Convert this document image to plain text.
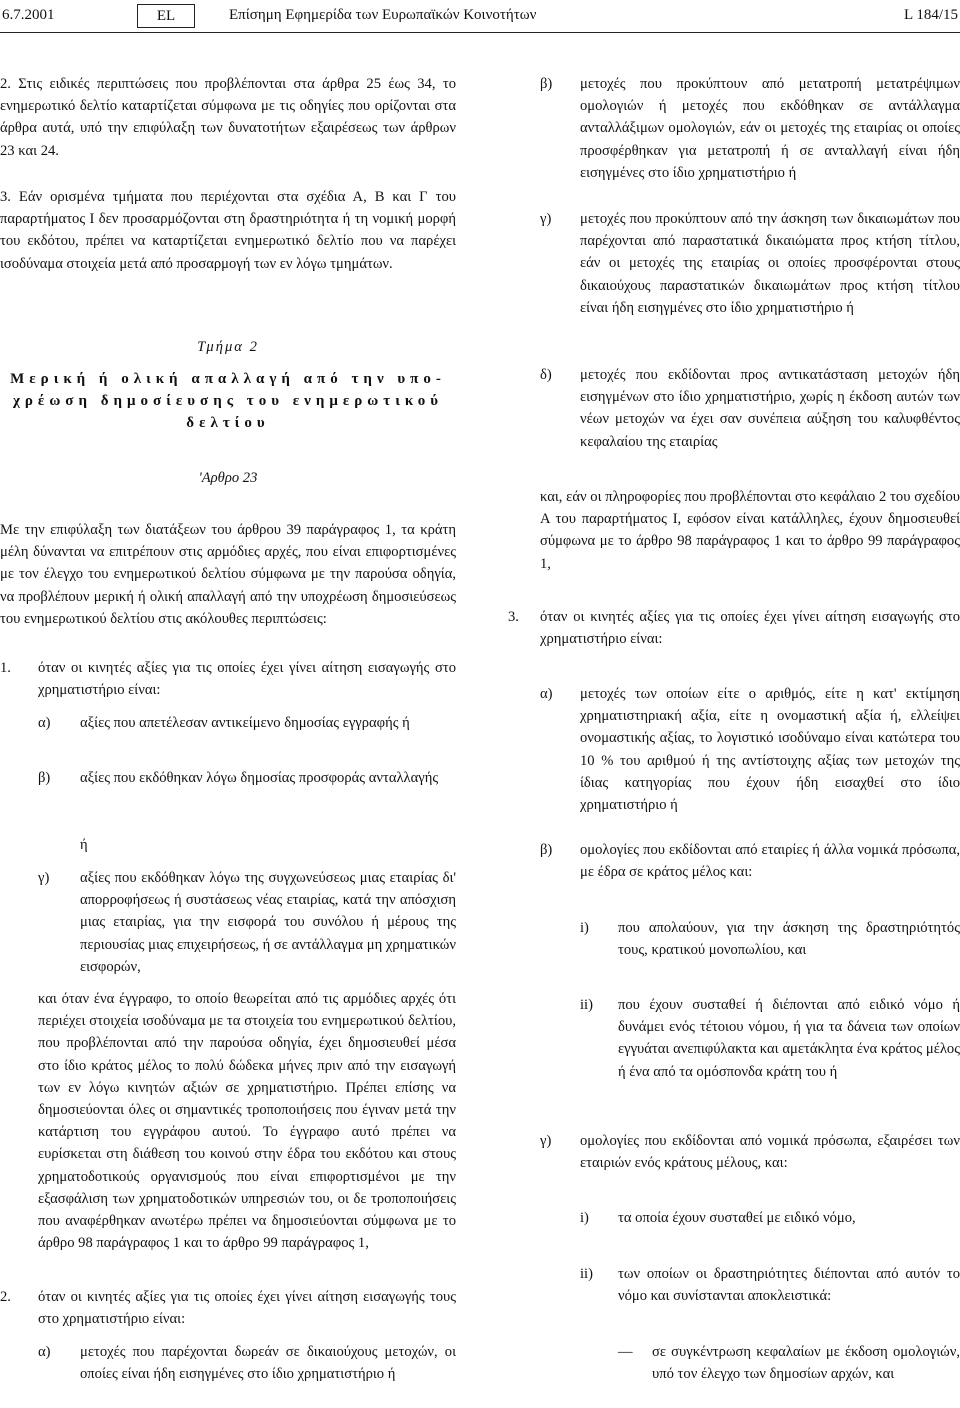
6.7.2001	EL	Επίσημη Εφημερίδα των Ευρωπαϊκών Κοινοτήτων	L 184/15

2. Στις ειδικές περιπτώσεις που προβλέπονται στα άρθρα 25 έως 34, το ενημερωτικό δελτίο καταρτίζεται σύμφωνα με τις οδηγίες που ορίζονται στα άρθρα αυτά, υπό την επιφύλαξη των δυνατοτήτων εξαιρέσεως των άρθρων 23 και 24.

3. Εάν ορισμένα τμήματα που περιέχονται στα σχέδια Α, Β και Γ του παραρτήματος Ι δεν προσαρμόζονται στη δραστηριότητα ή τη νομική μορφή του εκδότου, πρέπει να καταρτίζεται ενημερωτικό δελτίο που να παρέχει ισοδύναμα στοιχεία μετά από προσαρμογή των εν λόγω τμημάτων.

Τμήμα 2
Μερική ή ολική απαλλαγή από την υπο-
χρέωση δημοσίευσης του ενημερωτικού
δελτίου
'Αρθρο 23
Με την επιφύλαξη των διατάξεων του άρθρου 39 παράγραφος 1, τα κράτη μέλη δύνανται να επιτρέπουν στις αρμόδιες αρχές, που είναι επιφορτισμένες με τον έλεγχο του ενημερωτικού δελτίου σύμφωνα με την παρούσα οδηγία, να προβλέπουν μερική ή ολική απαλλαγή από την υποχρέωση δημοσιεύσεως του ενημερωτικού δελτίου στις ακόλουθες περιπτώσεις:
1. όταν οι κινητές αξίες για τις οποίες έχει γίνει αίτηση εισαγωγής στο χρηματιστήριο είναι:
α) αξίες που απετέλεσαν αντικείμενο δημοσίας εγγραφής ή
β) αξίες που εκδόθηκαν λόγω δημοσίας προσφοράς ανταλλαγής
ή
γ) αξίες που εκδόθηκαν λόγω της συγχωνεύσεως μιας εταιρίας δι' απορροφήσεως ή συστάσεως νέας εταιρίας, κατά την απόσχιση μιας εταιρίας, για την εισφορά του συνόλου ή μέρους της περιουσίας μιας επιχειρήσεως, ή σε αντάλλαγμα μη χρηματικών εισφορών,
και όταν ένα έγγραφο, το οποίο θεωρείται από τις αρμόδιες αρχές ότι περιέχει στοιχεία ισοδύναμα με τα στοιχεία του ενημερωτικού δελτίου, που προβλέπονται από την παρούσα οδηγία, έχει δημοσιευθεί μέσα στο ίδιο κράτος μέλος το πολύ δώδεκα μήνες πριν από την εισαγωγή των εν λόγω κινητών αξιών σε χρηματιστήριο. Πρέπει επίσης να δημοσιεύονται όλες οι σημαντικές τροποποιήσεις που έγιναν μετά την κατάρτιση του εγγράφου αυτού. Το έγγραφο αυτό πρέπει να ευρίσκεται στη διάθεση του κοινού στην έδρα του εκδότου και στους χρηματοδοτικούς οργανισμούς που είναι επιφορτισμένοι με την εξασφάλιση των χρηματοδοτικών υπηρεσιών του, οι δε τροποποιήσεις που αναφέρθηκαν ανωτέρω πρέπει να δημοσιεύονται σύμφωνα με το άρθρο 98 παράγραφος 1 και το άρθρο 99 παράγραφος 1,
2. όταν οι κινητές αξίες για τις οποίες έχει γίνει αίτηση εισαγωγής τους στο χρηματιστήριο είναι:
α) μετοχές που παρέχονται δωρεάν σε δικαιούχους μετοχών, οι οποίες είναι ήδη εισηγμένες στο ίδιο χρηματιστήριο ή
β) μετοχές που προκύπτουν από μετατροπή μετατρέψιμων ομολογιών ή μετοχές που εκδόθηκαν σε αντάλλαγμα ανταλλάξιμων ομολογιών, εάν οι μετοχές της εταιρίας οι οποίες προσφέρθηκαν για μετατροπή ή σε ανταλλαγή είναι ήδη εισηγμένες στο ίδιο χρηματιστήριο ή
γ) μετοχές που προκύπτουν από την άσκηση των δικαιωμάτων που παρέχονται από παραστατικά δικαιώματα προς κτήση τίτλου, εάν οι μετοχές της εταιρίας οι οποίες προσφέρονται στους δικαιούχους παραστατικών δικαιωμάτων προς κτήση τίτλου είναι ήδη εισηγμένες στο ίδιο χρηματιστήριο ή
δ) μετοχές που εκδίδονται προς αντικατάσταση μετοχών ήδη εισηγμένων στο ίδιο χρηματιστήριο, χωρίς η έκδοση αυτών των νέων μετοχών να έχει σαν συνέπεια αύξηση του καλυφθέντος κεφαλαίου της εταιρίας
και, εάν οι πληροφορίες που προβλέπονται στο κεφάλαιο 2 του σχεδίου Α του παραρτήματος Ι, εφόσον είναι κατάλληλες, έχουν δημοσιευθεί σύμφωνα με το άρθρο 98 παράγραφος 1 και το άρθρο 99 παράγραφος 1,
3. όταν οι κινητές αξίες για τις οποίες έχει γίνει αίτηση εισαγωγής στο χρηματιστήριο είναι:
α) μετοχές των οποίων είτε ο αριθμός, είτε η κατ' εκτίμηση χρηματιστηριακή αξία, είτε η ονομαστική αξία ή, ελλείψει ονομαστικής αξίας, το λογιστικό ισοδύναμο είναι κατώτερα του 10 % του αριθμού ή της αντίστοιχης αξίας των μετοχών της ίδιας κατηγορίας που έχουν ήδη εισαχθεί στο ίδιο χρηματιστήριο ή
β) ομολογίες που εκδίδονται από εταιρίες ή άλλα νομικά πρόσωπα, με έδρα σε κράτος μέλος και:
i) που απολαύουν, για την άσκηση της δραστηριότητός τους, κρατικού μονοπωλίου, και
ii) που έχουν συσταθεί ή διέπονται από ειδικό νόμο ή δυνάμει ενός τέτοιου νόμου, ή για τα δάνεια των οποίων εγγυάται ανεπιφύλακτα και αμετάκλητα ένα κράτος μέλος ή ένα από τα ομόσπονδα κράτη του ή
γ) ομολογίες που εκδίδονται από νομικά πρόσωπα, εξαιρέσει των εταιριών ενός κράτους μέλους, και:
i) τα οποία έχουν συσταθεί με ειδικό νόμο,
ii) των οποίων οι δραστηριότητες διέπονται από αυτόν το νόμο και συνίστανται αποκλειστικά:
— σε συγκέντρωση κεφαλαίων με έκδοση ομολογιών, υπό τον έλεγχο των δημοσίων αρχών, και
